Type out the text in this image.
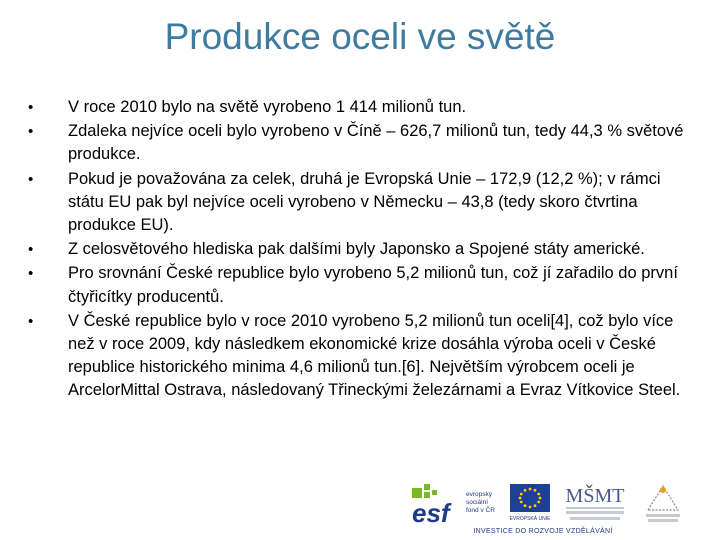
Produkce oceli ve světě
• V roce 2010 bylo na světě vyrobeno 1 414 milionů tun.
• Zdaleka nejvíce oceli bylo vyrobeno v Číně – 626,7 milionů tun, tedy 44,3 % světové produkce.
• Pokud je považována za celek, druhá je Evropská Unie – 172,9 (12,2 %); v rámci státu EU pak byl nejvíce oceli vyrobeno v Německu – 43,8 (tedy skoro čtvrtina produkce EU).
• Z celosvětového hlediska pak dalšími byly Japonsko a Spojené státy americké.
• Pro srovnání České republice bylo vyrobeno 5,2 milionů tun, což jí zařadilo do první čtyřicítky producentů.
• V České republice bylo v roce 2010 vyrobeno 5,2 milionů tun oceli[4], což bylo více než v roce 2009, kdy následkem ekonomické krize dosáhla výroba oceli v České republice historického minima 4,6 milionů tun.[6]. Největším výrobcem oceli je ArcelorMittal Ostrava, následovaný Třineckými železárnami a Evraz Vítkovice Steel.
esf
evropský
sociální
fond v ČR
EVROPSKÁ UNIE
MŠMT
INVESTICE DO ROZVOJE VZDĚLÁVÁNÍ
